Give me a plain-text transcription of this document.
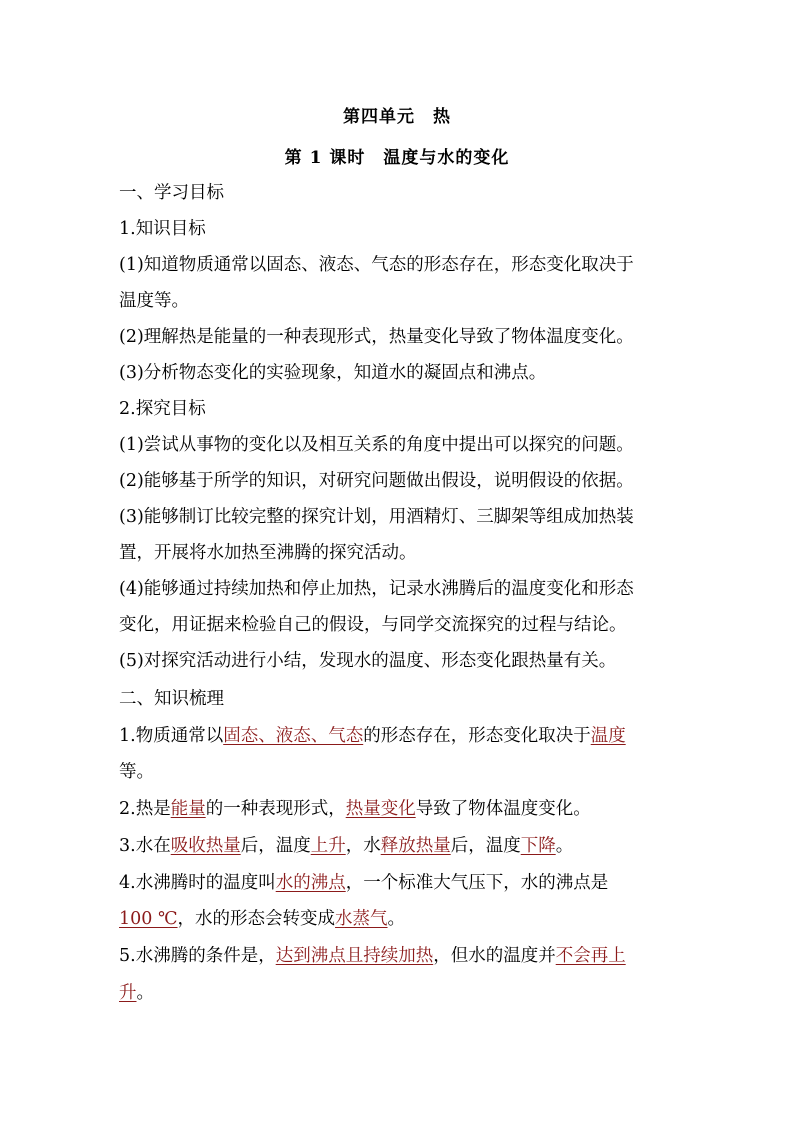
第四单元　热
第 1 课时　温度与水的变化
一、学习目标
1.知识目标
(1)知道物质通常以固态、液态、气态的形态存在，形态变化取决于
温度等。
(2)理解热是能量的一种表现形式，热量变化导致了物体温度变化。
(3)分析物态变化的实验现象，知道水的凝固点和沸点。
2.探究目标
(1)尝试从事物的变化以及相互关系的角度中提出可以探究的问题。
(2)能够基于所学的知识，对研究问题做出假设，说明假设的依据。
(3)能够制订比较完整的探究计划，用酒精灯、三脚架等组成加热装
置，开展将水加热至沸腾的探究活动。
(4)能够通过持续加热和停止加热，记录水沸腾后的温度变化和形态
变化，用证据来检验自己的假设，与同学交流探究的过程与结论。
(5)对探究活动进行小结，发现水的温度、形态变化跟热量有关。
二、知识梳理
1.物质通常以固态、液态、气态的形态存在，形态变化取决于温度
等。
2.热是能量的一种表现形式，热量变化导致了物体温度变化。
3.水在吸收热量后，温度上升，水释放热量后，温度下降。
4.水沸腾时的温度叫水的沸点，一个标准大气压下，水的沸点是
100 ℃，水的形态会转变成水蒸气。
5.水沸腾的条件是，达到沸点且持续加热，但水的温度并不会再上
升。
